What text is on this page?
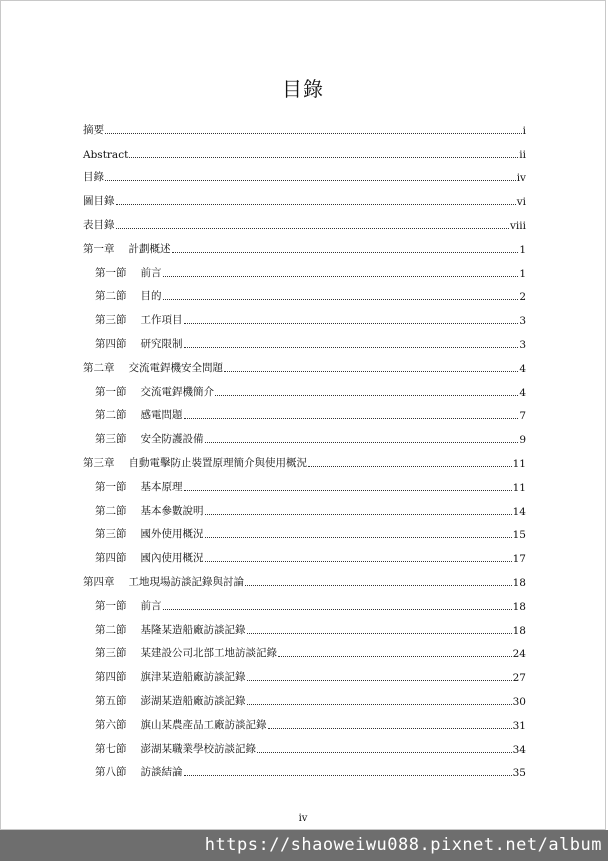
目錄
摘要	i
Abstract	ii
目錄	iv
圖目錄	vi
表目錄	viii
第一章 計劃概述	1
第一節 前言	1
第二節 目的	2
第三節 工作項目	3
第四節 研究限制	3
第二章 交流電銲機安全問題	4
第一節 交流電銲機簡介	4
第二節 感電問題	7
第三節 安全防護設備	9
第三章 自動電擊防止裝置原理簡介與使用概況	11
第一節 基本原理	11
第二節 基本參數說明	14
第三節 國外使用概況	15
第四節 國內使用概況	17
第四章 工地現場訪談記錄與討論	18
第一節 前言	18
第二節 基隆某造船廠訪談記錄	18
第三節 某建設公司北部工地訪談記錄	24
第四節 旗津某造船廠訪談記錄	27
第五節 澎湖某造船廠訪談記錄	30
第六節 旗山某農產品工廠訪談記錄	31
第七節 澎湖某職業學校訪談記錄	34
第八節 訪談結論	35
iv
https://shaoweiwu088.pixnet.net/album
